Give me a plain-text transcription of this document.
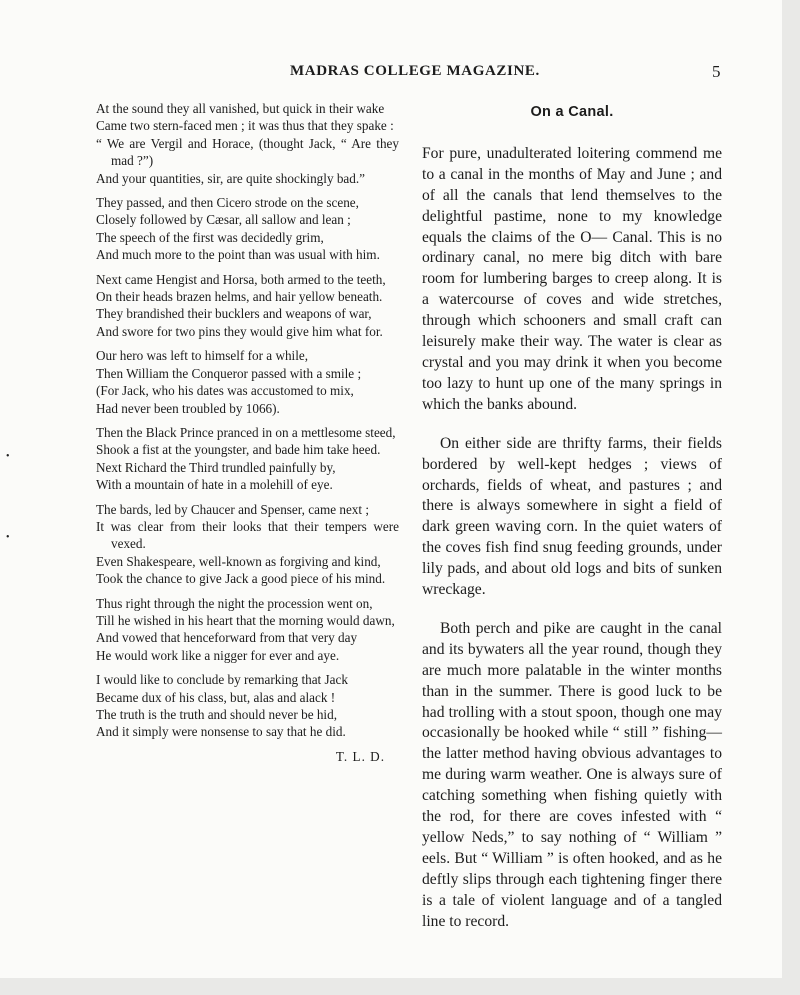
•
•
MADRAS COLLEGE MAGAZINE.	5

At the sound they all vanished, but quick in their wake

Came two stern-faced men ; it was thus that they spake :

“ We are Vergil and Horace, (thought Jack, “ Are they mad ?”)

And your quantities, sir, are quite shockingly bad.”

They passed, and then Cicero strode on the scene,

Closely followed by Cæsar, all sallow and lean ;

The speech of the first was decidedly grim,

And much more to the point than was usual with him.

Next came Hengist and Horsa, both armed to the teeth,

On their heads brazen helms, and hair yellow beneath.

They brandished their bucklers and weapons of war,

And swore for two pins they would give him what for.

Our hero was left to himself for a while,

Then William the Conqueror passed with a smile ;

(For Jack, who his dates was accustomed to mix,

Had never been troubled by 1066).

Then the Black Prince pranced in on a mettlesome steed,

Shook a fist at the youngster, and bade him take heed.

Next Richard the Third trundled painfully by,

With a mountain of hate in a molehill of eye.

The bards, led by Chaucer and Spenser, came next ;

It was clear from their looks that their tempers were vexed.

Even Shakespeare, well-known as forgiving and kind,

Took the chance to give Jack a good piece of his mind.

Thus right through the night the procession went on,

Till he wished in his heart that the morning would dawn,

And vowed that henceforward from that very day

He would work like a nigger for ever and aye.

I would like to conclude by remarking that Jack

Became dux of his class, but, alas and alack !

The truth is the truth and should never be hid,

And it simply were nonsense to say that he did.

T. L. D.
On a Canal.

For pure, unadulterated loitering commend me to a canal in the months of May and June ; and of all the canals that lend themselves to the delightful pastime, none to my knowledge equals the claims of the O— Canal. This is no ordinary canal, no mere big ditch with bare room for lumbering barges to creep along. It is a watercourse of coves and wide stretches, through which schooners and small craft can leisurely make their way. The water is clear as crystal and you may drink it when you become too lazy to hunt up one of the many springs in which the banks abound.

On either side are thrifty farms, their fields bordered by well-kept hedges ; views of orchards, fields of wheat, and pastures ; and there is always somewhere in sight a field of dark green waving corn. In the quiet waters of the coves fish find snug feeding grounds, under lily pads, and about old logs and bits of sunken wreckage.

Both perch and pike are caught in the canal and its bywaters all the year round, though they are much more palatable in the winter months than in the summer. There is good luck to be had trolling with a stout spoon, though one may occasionally be hooked while “ still ” fishing—the latter method having obvious advantages to me during warm weather. One is always sure of catching something when fishing quietly with the rod, for there are coves infested with “ yellow Neds,” to say nothing of “ William ” eels. But “ William ” is often hooked, and as he deftly slips through each tightening finger there is a tale of violent language and of a tangled line to record.
